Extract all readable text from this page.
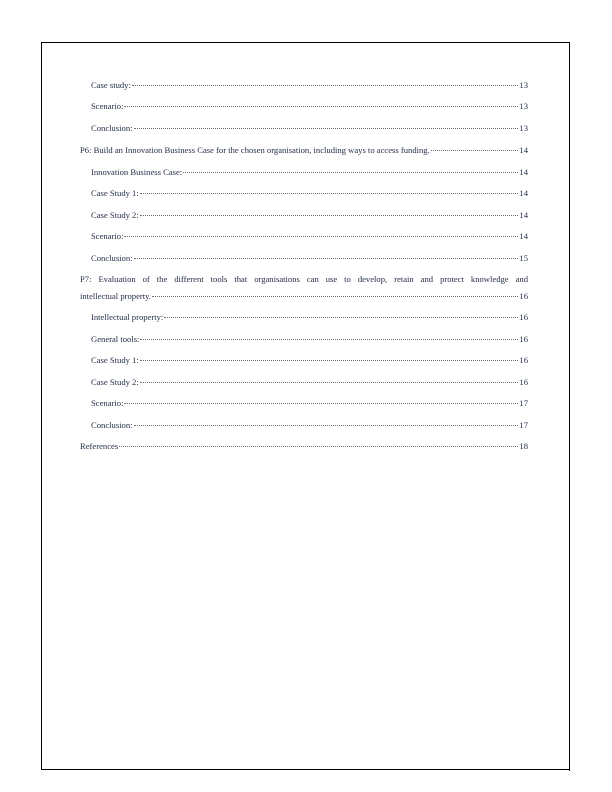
Case study:	13
Scenario:	13
Conclusion:	13
P6: Build an Innovation Business Case for the chosen organisation, including ways to access funding.	14
Innovation Business Case:	14
Case Study 1:	14
Case Study 2:	14
Scenario:	14
Conclusion:	15
P7: Evaluation of the different tools that organisations can use to develop, retain and protect knowledge and
intellectual property.	16
Intellectual property:	16
General tools:	16
Case Study 1:	16
Case Study 2:	16
Scenario:	17
Conclusion:	17
References	18
